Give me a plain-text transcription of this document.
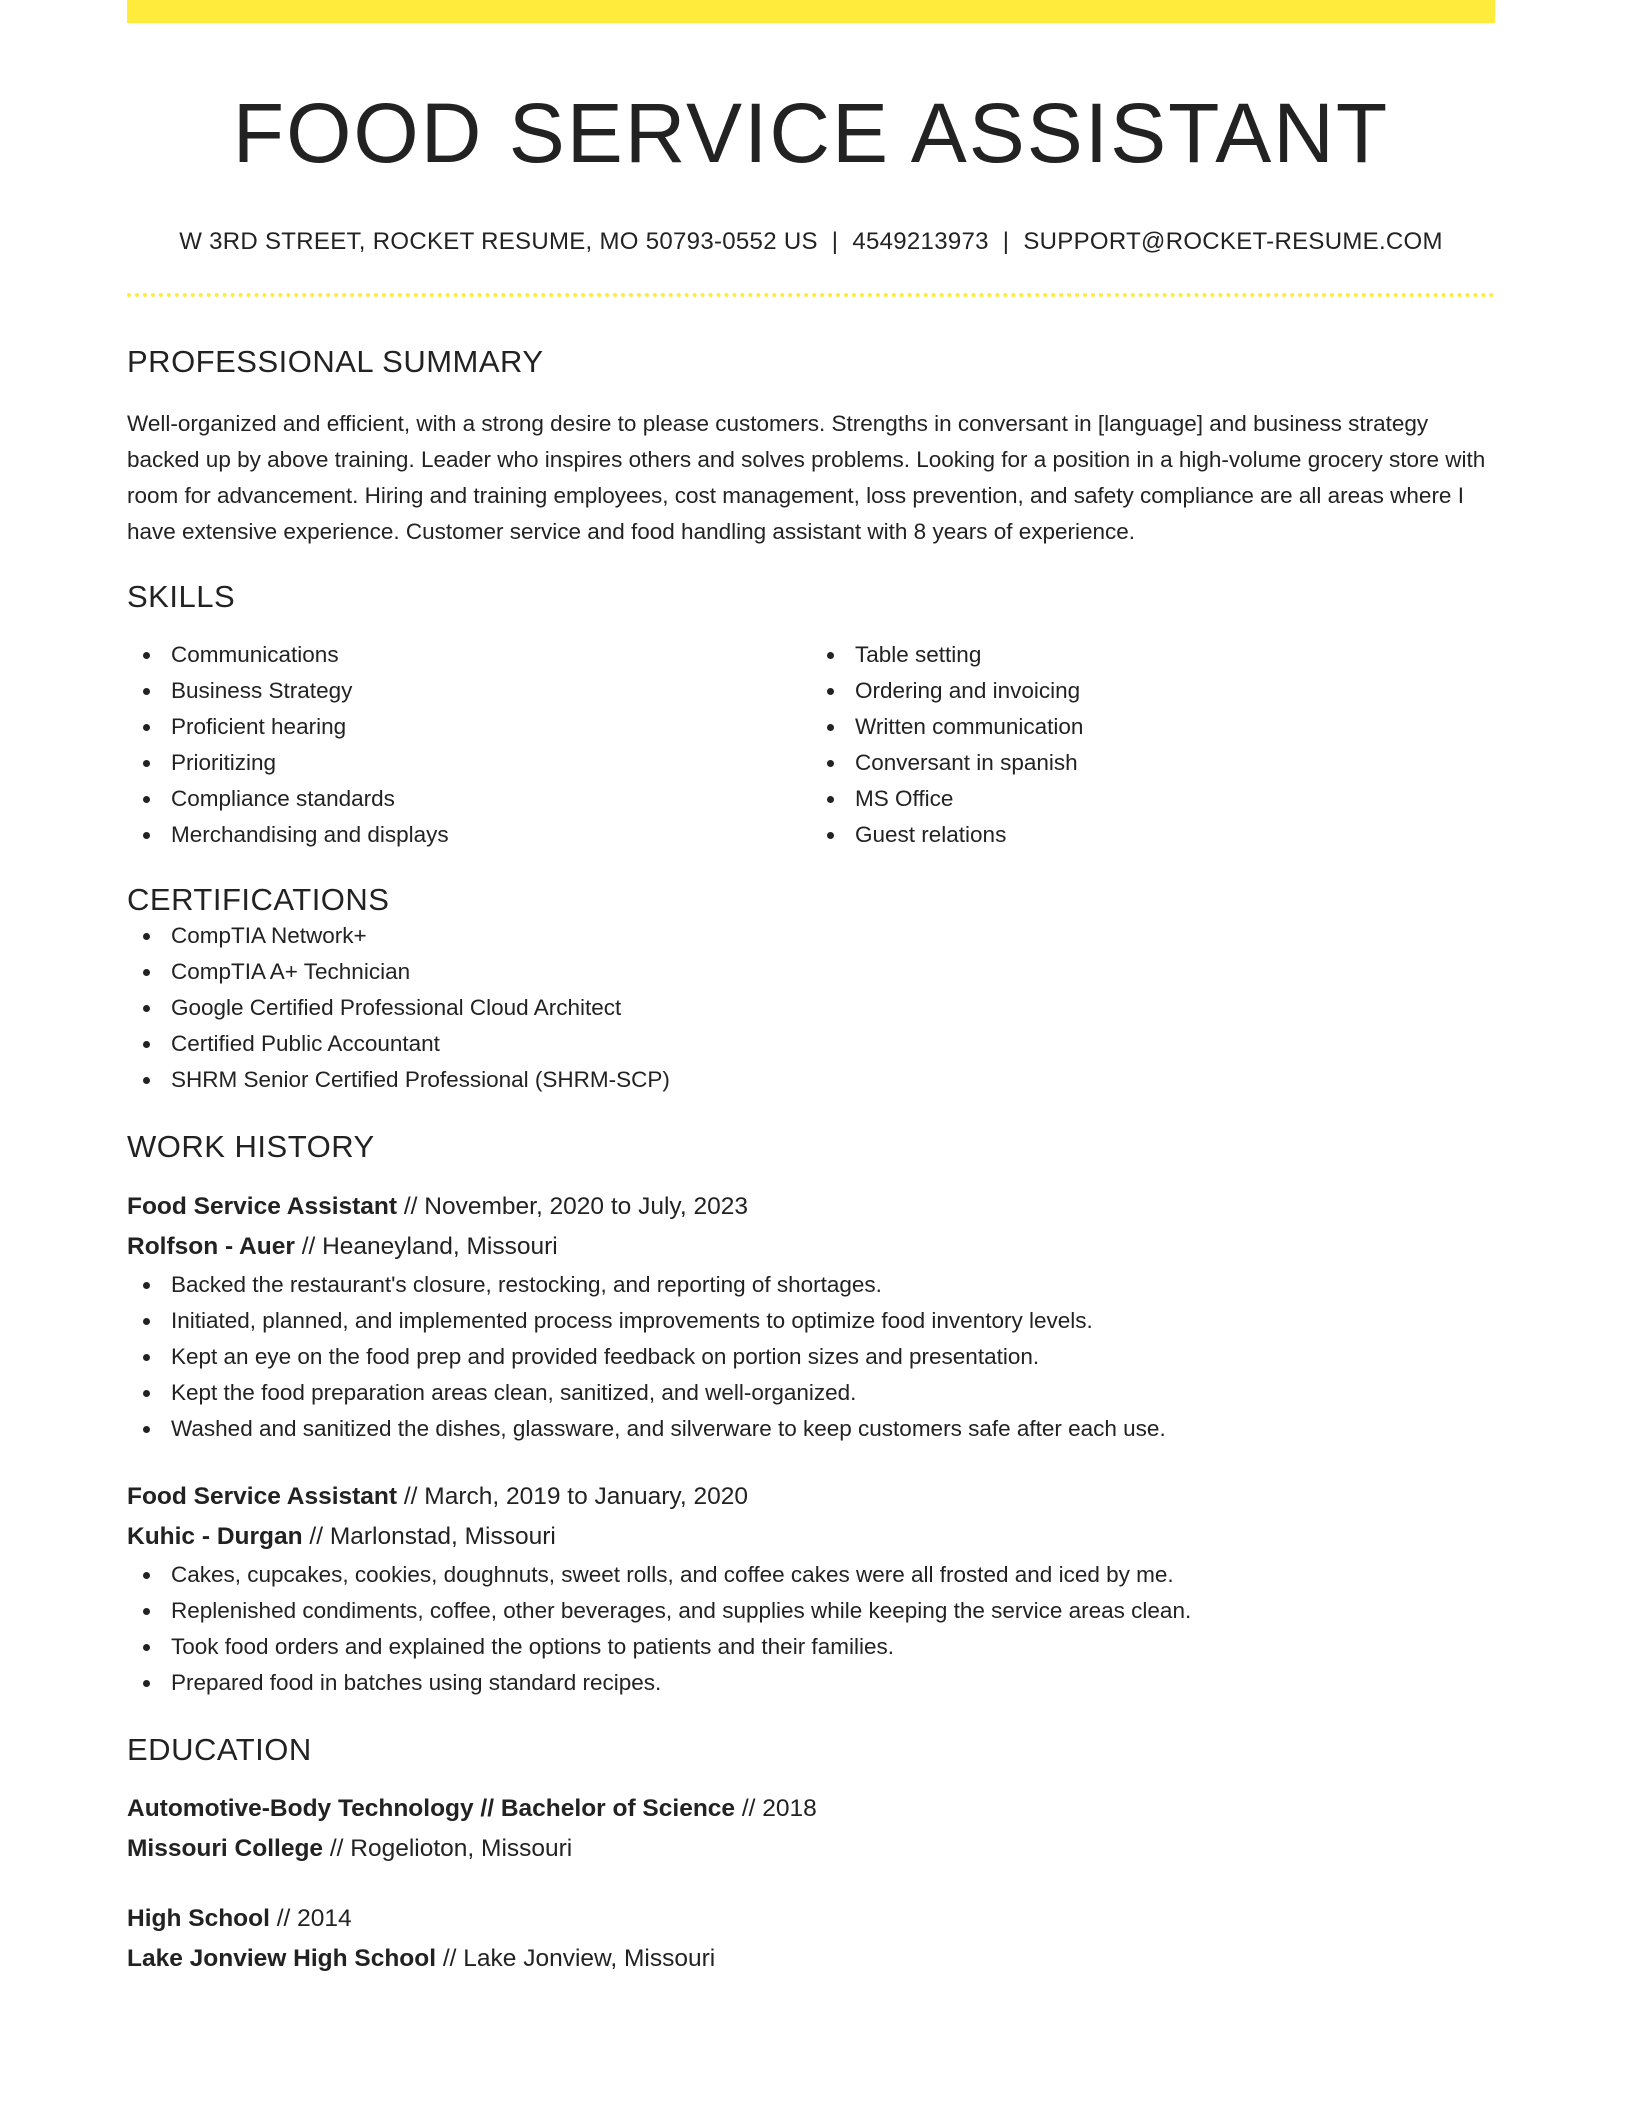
FOOD SERVICE ASSISTANT
W 3RD STREET, ROCKET RESUME, MO 50793-0552 US | 4549213973 | SUPPORT@ROCKET-RESUME.COM
PROFESSIONAL SUMMARY

Well-organized and efficient, with a strong desire to please customers. Strengths in conversant in [language] and business strategy backed up by above training. Leader who inspires others and solves problems. Looking for a position in a high-volume grocery store with room for advancement. Hiring and training employees, cost management, loss prevention, and safety compliance are all areas where I have extensive experience. Customer service and food handling assistant with 8 years of experience.

SKILLS
Communications
Business Strategy
Proficient hearing
Prioritizing
Compliance standards
Merchandising and displays
Table setting
Ordering and invoicing
Written communication
Conversant in spanish
MS Office
Guest relations
CERTIFICATIONS
CompTIA Network+
CompTIA A+ Technician
Google Certified Professional Cloud Architect
Certified Public Accountant
SHRM Senior Certified Professional (SHRM-SCP)
WORK HISTORY
Food Service Assistant // November, 2020 to July, 2023
Rolfson - Auer // Heaneyland, Missouri
Backed the restaurant's closure, restocking, and reporting of shortages.
Initiated, planned, and implemented process improvements to optimize food inventory levels.
Kept an eye on the food prep and provided feedback on portion sizes and presentation.
Kept the food preparation areas clean, sanitized, and well-organized.
Washed and sanitized the dishes, glassware, and silverware to keep customers safe after each use.
Food Service Assistant // March, 2019 to January, 2020
Kuhic - Durgan // Marlonstad, Missouri
Cakes, cupcakes, cookies, doughnuts, sweet rolls, and coffee cakes were all frosted and iced by me.
Replenished condiments, coffee, other beverages, and supplies while keeping the service areas clean.
Took food orders and explained the options to patients and their families.
Prepared food in batches using standard recipes.
EDUCATION
Automotive-Body Technology // Bachelor of Science // 2018
Missouri College // Rogelioton, Missouri
High School // 2014
Lake Jonview High School // Lake Jonview, Missouri
